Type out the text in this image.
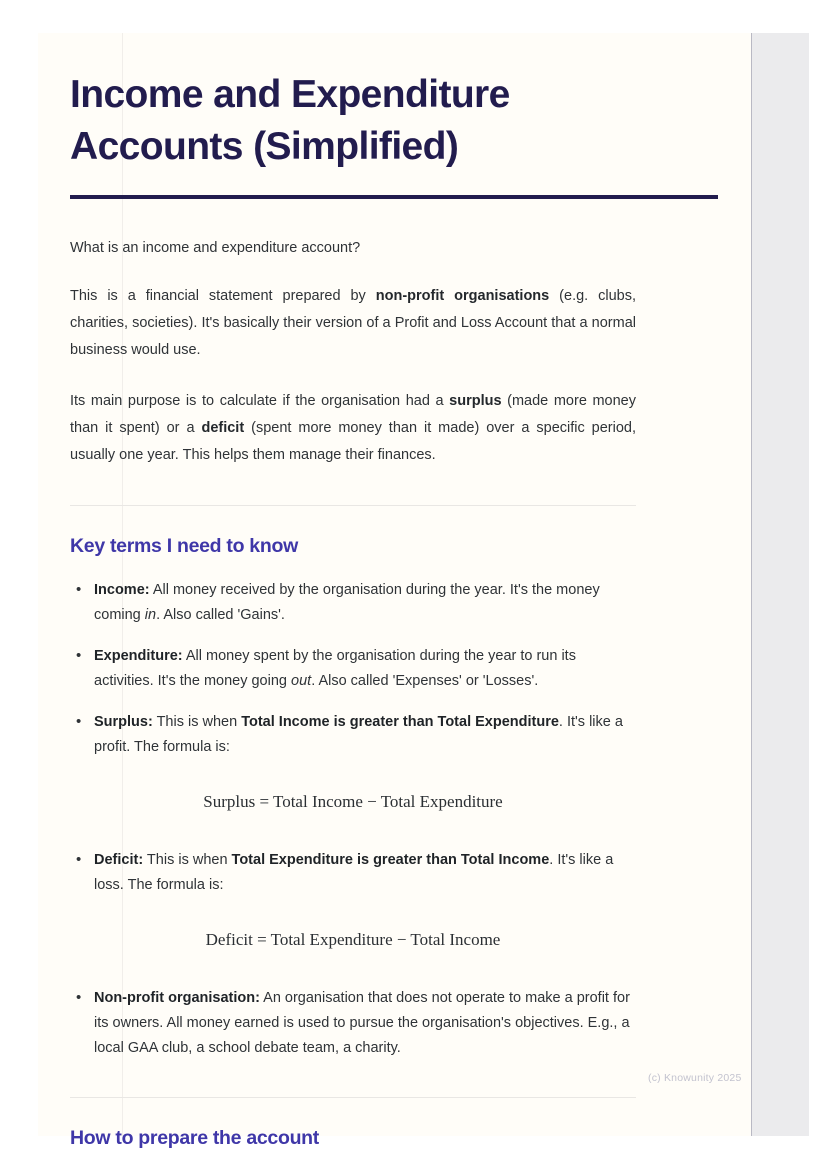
Income and Expenditure Accounts (Simplified)
What is an income and expenditure account?

This is a financial statement prepared by non-profit organisations (e.g. clubs, charities, societies). It's basically their version of a Profit and Loss Account that a normal business would use.

Its main purpose is to calculate if the organisation had a surplus (made more money than it spent) or a deficit (spent more money than it made) over a specific period, usually one year. This helps them manage their finances.

Key terms I need to know
• Income: All money received by the organisation during the year. It's the money coming in. Also called 'Gains'.
• Expenditure: All money spent by the organisation during the year to run its activities. It's the money going out. Also called 'Expenses' or 'Losses'.
• Surplus: This is when Total Income is greater than Total Expenditure. It's like a profit. The formula is:
Surplus = Total Income − Total Expenditure
• Deficit: This is when Total Expenditure is greater than Total Income. It's like a loss. The formula is:
Deficit = Total Expenditure − Total Income
• Non-profit organisation: An organisation that does not operate to make a profit for its owners. All money earned is used to pursue the organisation's objectives. E.g., a local GAA club, a school debate team, a charity.
How to prepare the account
(c) Knowunity 2025
